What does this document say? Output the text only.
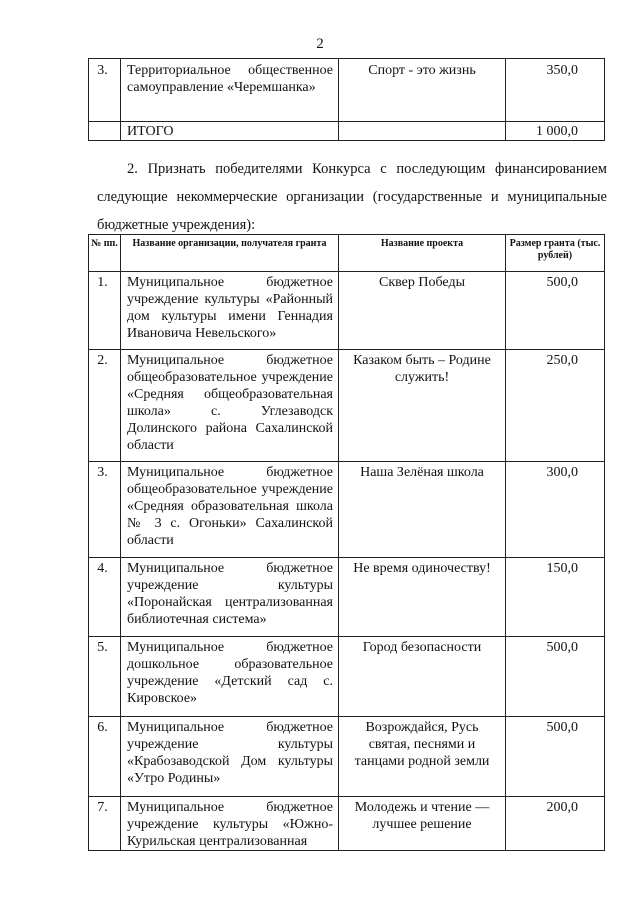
2
3.	Территориальное общественное самоуправление «Черемшанка»	Спорт - это жизнь	350,0
	ИТОГО		1 000,0

2. Признать победителями Конкурса с последующим финансированием следующие некоммерческие организации (государственные и муниципальные бюджетные учреждения):

№ пп.	Название организации, получателя гранта	Название проекта	Размер гранта (тыс. рублей)
1.	Муниципальное бюджетное учреждение культуры «Районный дом культуры имени Геннадия Ивановича Невельского»	Сквер Победы	500,0
2.	Муниципальное бюджетное общеобразовательное учреждение «Средняя общеобразовательная школа» с. Углезаводск Долинского района Сахалинской области	Казаком быть – Родине служить!	250,0
3.	Муниципальное бюджетное общеобразовательное учреждение «Средняя образовательная школа № 3 с. Огоньки» Сахалинской области	Наша Зелёная школа	300,0
4.	Муниципальное бюджетное учреждение культуры «Поронайская централизованная библиотечная система»	Не время одиночеству!	150,0
5.	Муниципальное бюджетное дошкольное образовательное учреждение «Детский сад с. Кировское»	Город безопасности	500,0
6.	Муниципальное бюджетное учреждение культуры «Крабозаводской Дом культуры «Утро Родины»	Возрождайся, Русь святая, песнями и танцами родной земли	500,0
7.	Муниципальное бюджетное учреждение культуры «Южно-Курильская централизованная	Молодежь и чтение — лучшее решение	200,0
